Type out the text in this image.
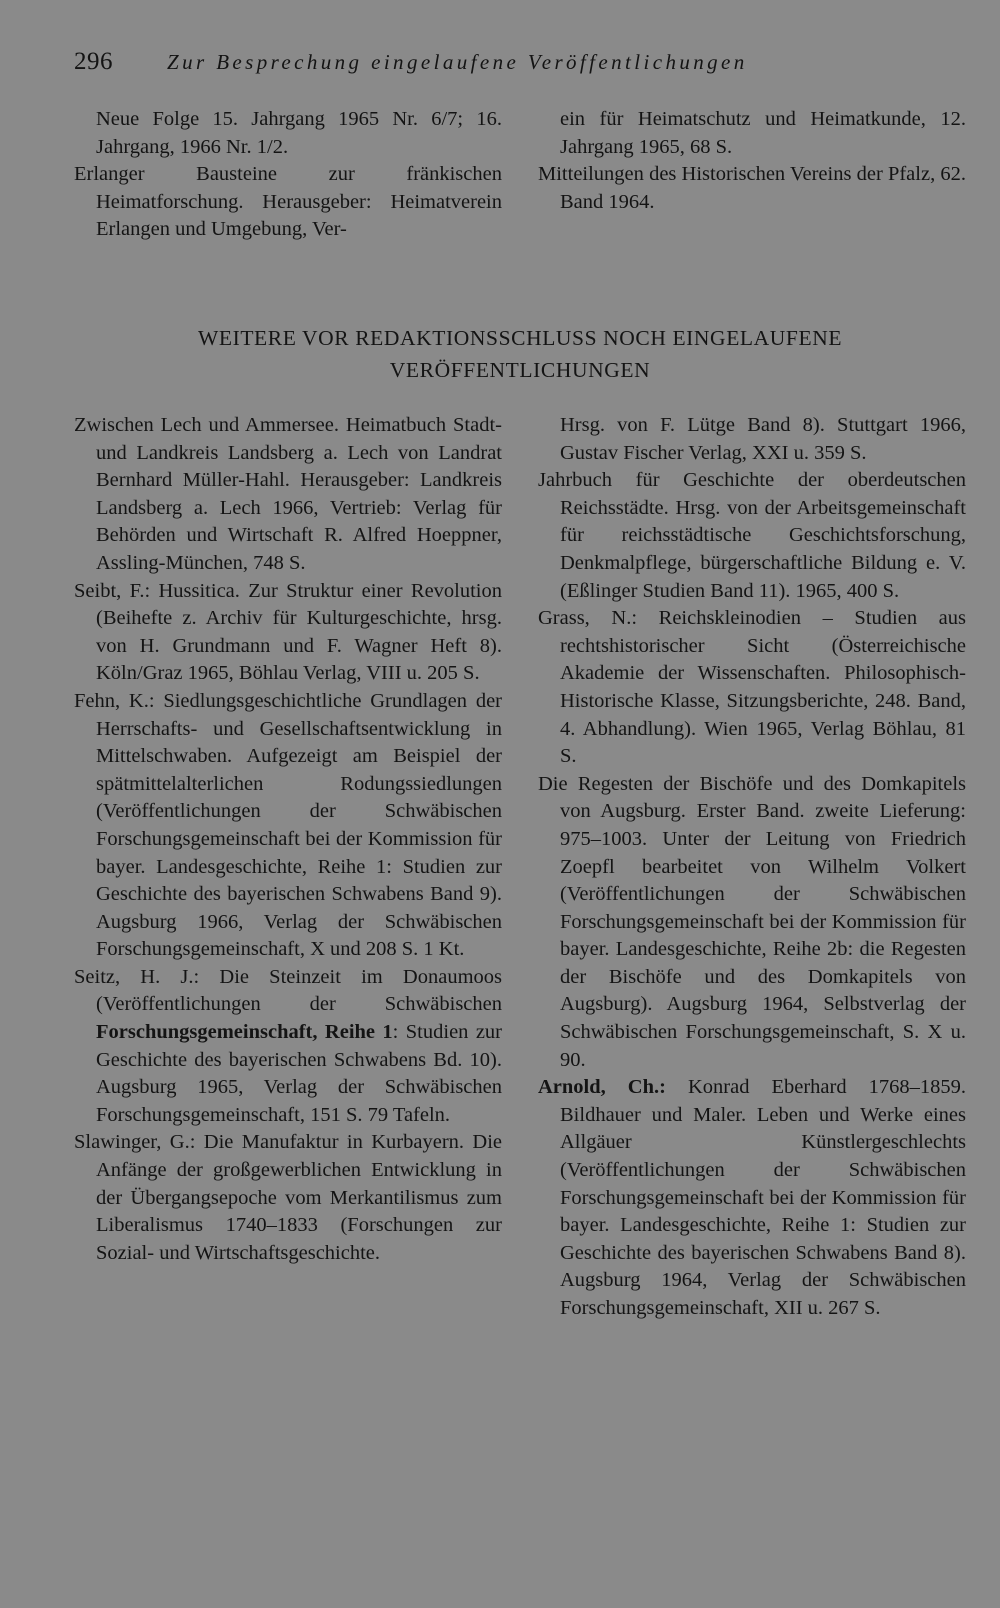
296	Zur Besprechung eingelaufene Veröffentlichungen

Neue Folge 15. Jahrgang 1965 Nr. 6/7; 16. Jahrgang, 1966 Nr. 1/2.

Erlanger Bausteine zur fränkischen Heimatforschung. Herausgeber: Heimatverein Erlangen und Umgebung, Ver-

ein für Heimatschutz und Heimatkunde, 12. Jahrgang 1965, 68 S.

Mitteilungen des Historischen Vereins der Pfalz, 62. Band 1964.

WEITERE VOR REDAKTIONSSCHLUSS NOCH EINGELAUFENE
VERÖFFENTLICHUNGEN

Zwischen Lech und Ammersee. Heimatbuch Stadt- und Landkreis Landsberg a. Lech von Landrat Bernhard Müller-Hahl. Herausgeber: Landkreis Landsberg a. Lech 1966, Vertrieb: Verlag für Behörden und Wirtschaft R. Alfred Hoeppner, Assling-München, 748 S.

Seibt, F.: Hussitica. Zur Struktur einer Revolution (Beihefte z. Archiv für Kulturgeschichte, hrsg. von H. Grundmann und F. Wagner Heft 8). Köln/Graz 1965, Böhlau Verlag, VIII u. 205 S.

Fehn, K.: Siedlungsgeschichtliche Grundlagen der Herrschafts- und Gesellschaftsentwicklung in Mittelschwaben. Aufgezeigt am Beispiel der spätmittelalterlichen Rodungssiedlungen (Veröffentlichungen der Schwäbischen Forschungsgemeinschaft bei der Kommission für bayer. Landesgeschichte, Reihe 1: Studien zur Geschichte des bayerischen Schwabens Band 9). Augsburg 1966, Verlag der Schwäbischen Forschungsgemeinschaft, X und 208 S. 1 Kt.

Seitz, H. J.: Die Steinzeit im Donaumoos (Veröffentlichungen der Schwäbischen Forschungsgemeinschaft, Reihe 1: Studien zur Geschichte des bayerischen Schwabens Bd. 10). Augsburg 1965, Verlag der Schwäbischen Forschungsgemeinschaft, 151 S. 79 Tafeln.

Slawinger, G.: Die Manufaktur in Kurbayern. Die Anfänge der großgewerblichen Entwicklung in der Übergangsepoche vom Merkantilismus zum Liberalismus 1740–1833 (Forschungen zur Sozial- und Wirtschaftsgeschichte.

Hrsg. von F. Lütge Band 8). Stuttgart 1966, Gustav Fischer Verlag, XXI u. 359 S.

Jahrbuch für Geschichte der oberdeutschen Reichsstädte. Hrsg. von der Arbeitsgemeinschaft für reichsstädtische Geschichtsforschung, Denkmalpflege, bürgerschaftliche Bildung e. V. (Eßlinger Studien Band 11). 1965, 400 S.

Grass, N.: Reichskleinodien – Studien aus rechtshistorischer Sicht (Österreichische Akademie der Wissenschaften. Philosophisch-Historische Klasse, Sitzungsberichte, 248. Band, 4. Abhandlung). Wien 1965, Verlag Böhlau, 81 S.

Die Regesten der Bischöfe und des Domkapitels von Augsburg. Erster Band. zweite Lieferung: 975–1003. Unter der Leitung von Friedrich Zoepfl bearbeitet von Wilhelm Volkert (Veröffentlichungen der Schwäbischen Forschungsgemeinschaft bei der Kommission für bayer. Landesgeschichte, Reihe 2b: die Regesten der Bischöfe und des Domkapitels von Augsburg). Augsburg 1964, Selbstverlag der Schwäbischen Forschungsgemeinschaft, S. X u. 90.

Arnold, Ch.: Konrad Eberhard 1768–1859. Bildhauer und Maler. Leben und Werke eines Allgäuer Künstlergeschlechts (Veröffentlichungen der Schwäbischen Forschungsgemeinschaft bei der Kommission für bayer. Landesgeschichte, Reihe 1: Studien zur Geschichte des bayerischen Schwabens Band 8). Augsburg 1964, Verlag der Schwäbischen Forschungsgemeinschaft, XII u. 267 S.
